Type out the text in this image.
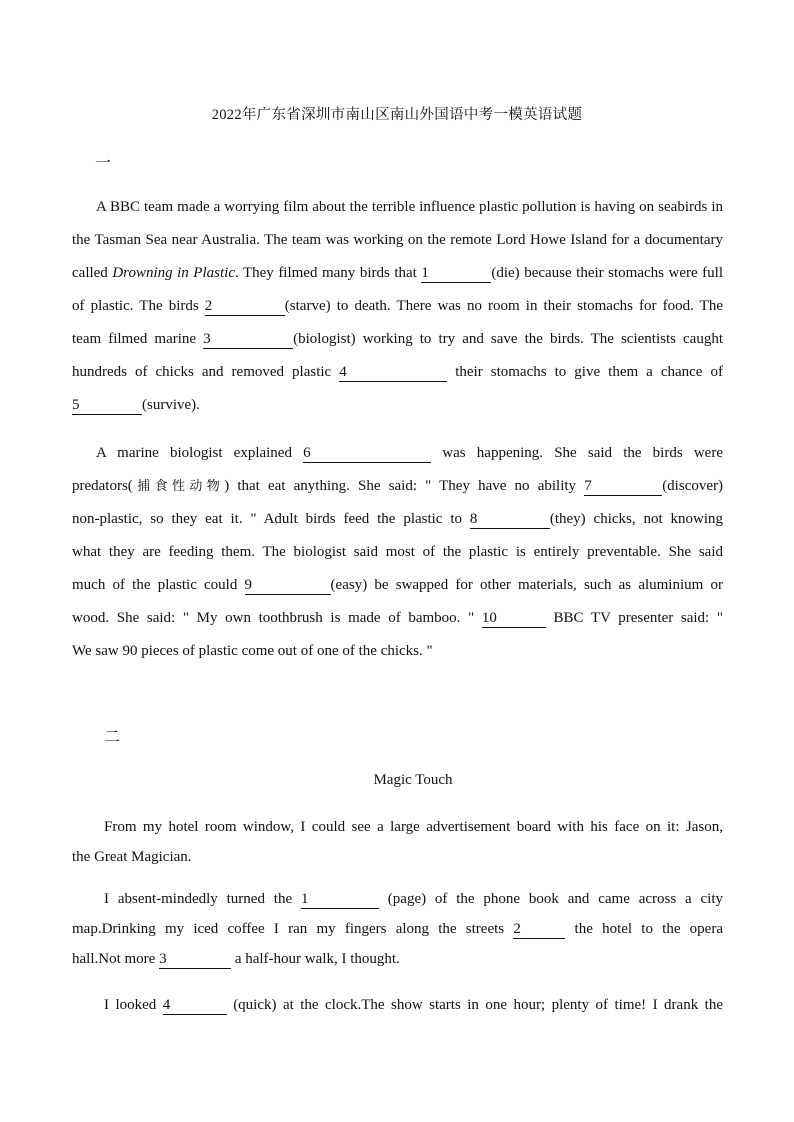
2022年广东省深圳市南山区南山外国语中考一模英语试题
一
A BBC team made a worrying film about the terrible influence plastic pollution is having on seabirds in
the Tasman Sea near Australia. The team was working on the remote Lord Howe Island for a documentary
called Drowning in Plastic. They filmed many birds that 1	(die) because their stomachs were full
of plastic. The birds 2	(starve) to death. There was no room in their stomachs for food. The
team filmed marine 3	(biologist) working to try and save the birds. The scientists caught
hundreds of chicks and removed plastic 4	their stomachs to give them a chance of
5	(survive).
A marine biologist explained 6	was happening. She said the birds were
predators(捕食性动物) that eat anything. She said: " They have no ability 7	(discover)
non-plastic, so they eat it. " Adult birds feed the plastic to 8	(they) chicks, not knowing
what they are feeding them. The biologist said most of the plastic is entirely preventable. She said
much of the plastic could 9	(easy) be swapped for other materials, such as aluminium or
wood. She said: " My own toothbrush is made of bamboo. " 10	BBC TV presenter said: "
We saw 90 pieces of plastic come out of one of the chicks. "
二
Magic Touch
From my hotel room window, I could see a large advertisement board with his face on it: Jason,
the Great Magician.
I absent-mindedly turned the 1	(page) of the phone book and came across a city
map.Drinking my iced coffee I ran my fingers along the streets 2	the hotel to the opera
hall.Not more 3	a half-hour walk, I thought.
I looked 4	(quick) at the clock.The show starts in one hour; plenty of time! I drank the
